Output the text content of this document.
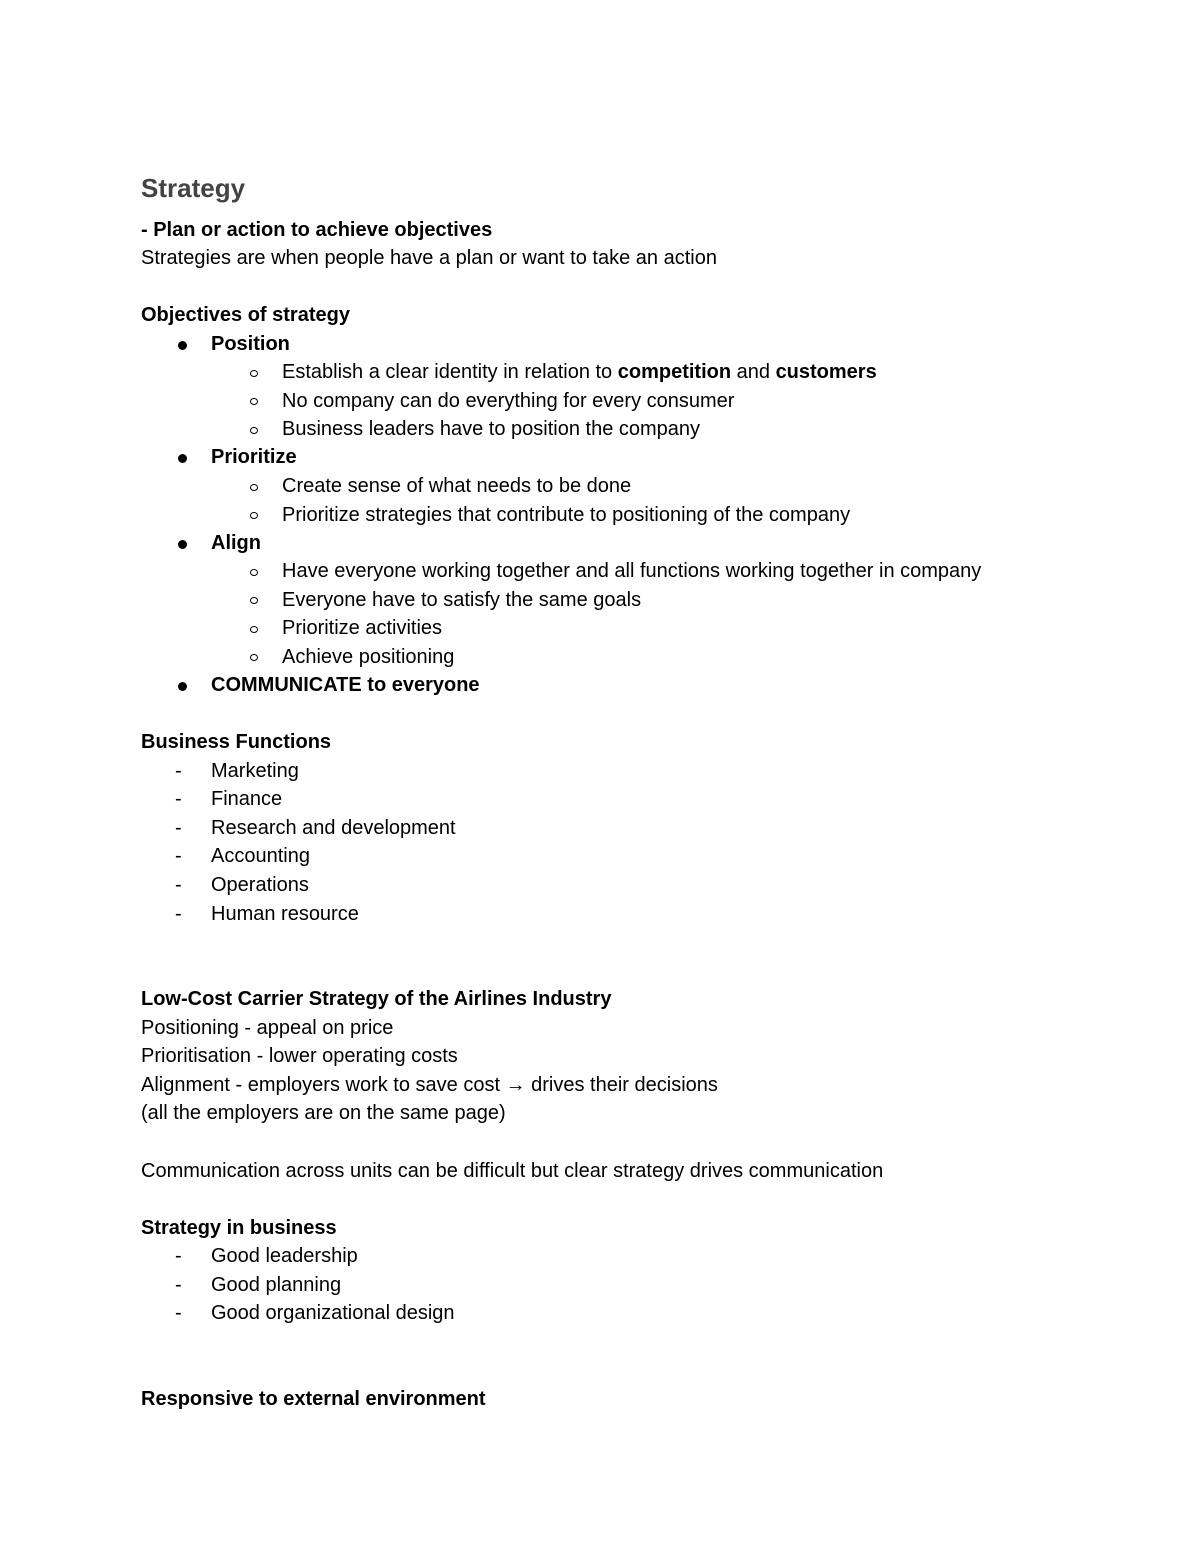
Strategy
- Plan or action to achieve objectives
Strategies are when people have a plan or want to take an action
Objectives of strategy
Position
Establish a clear identity in relation to competition and customers
No company can do everything for every consumer
Business leaders have to position the company
Prioritize
Create sense of what needs to be done
Prioritize strategies that contribute to positioning of the company
Align
Have everyone working together and all functions working together in company
Everyone have to satisfy the same goals
Prioritize activities
Achieve positioning
COMMUNICATE to everyone
Business Functions
- Marketing
- Finance
- Research and development
- Accounting
- Operations
- Human resource
Low-Cost Carrier Strategy of the Airlines Industry
Positioning - appeal on price
Prioritisation - lower operating costs
Alignment - employers work to save cost → drives their decisions
(all the employers are on the same page)
Communication across units can be difficult but clear strategy drives communication
Strategy in business
- Good leadership
- Good planning
- Good organizational design
Responsive to external environment
